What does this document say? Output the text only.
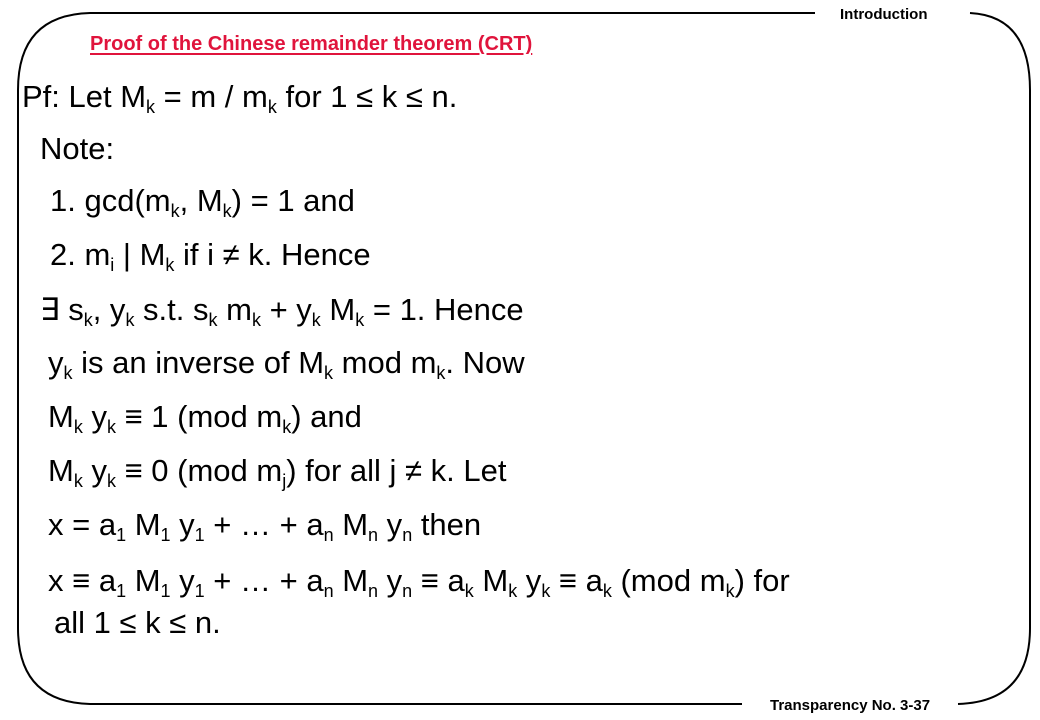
Introduction
Transparency No. 3-37
Proof of the Chinese remainder theorem (CRT)
Pf: Let $M_k = m / m_k$ for 1 ≤ k ≤ n.
Note:
1. $\gcd(m_k$, $M_k) = 1$ and
2. $m_i$ | $M_k$ if i ≠ k. Hence
∃ $s_k$, $y_k$ s.t. $s_k$ $m_k + y_k$ $M_k = 1$. Hence
$y_k$ is an inverse of $M_k$ mod $m_k$. Now
$M_k$ $y_k \equiv 1$ (mod $m_k$) and
$M_k$ $y_k \equiv 0$ (mod $m_j$) for all j ≠ k. Let
$x = a_1$ $M_1$ $y_1$ + … + $a_n$ $M_n$ $y_n$ then
$x \equiv a_1$ $M_1$ $y_1$ + … + $a_n$ $M_n$ $y_n \equiv a_k$ $M_k$ $y_k \equiv a_k$ (mod $m_k$) for
all 1 ≤ k ≤ n.
